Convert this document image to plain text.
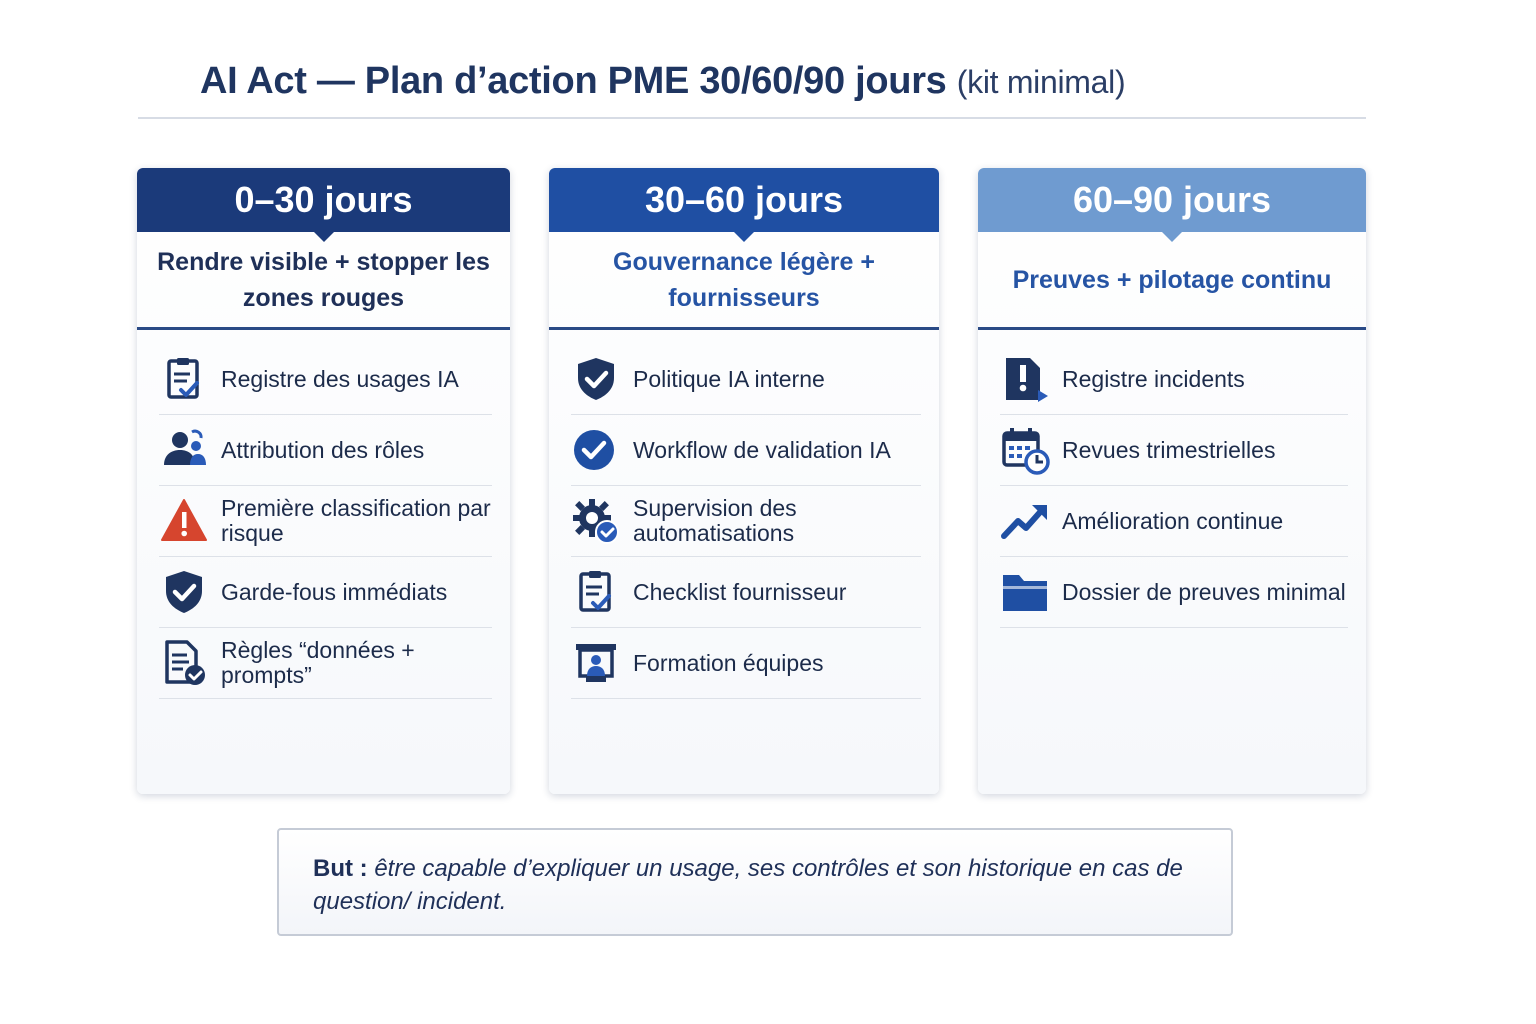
AI Act — Plan d’action PME 30/60/90 jours (kit minimal)
0–30 jours
Rendre visible + stopper les zones rouges
Registre des usages IA
Attribution des rôles
Première classification par risque
Garde-fous immédiats
Règles “données + prompts”
30–60 jours
Gouvernance légère + fournisseurs
Politique IA interne
Workflow de validation IA
Supervision des automatisations
Checklist fournisseur
Formation équipes
60–90 jours
Preuves + pilotage continu
Registre incidents
Revues trimestrielles
Amélioration continue
Dossier de preuves minimal
But : être capable d’expliquer un usage, ses contrôles et son historique en cas de question/ incident.
